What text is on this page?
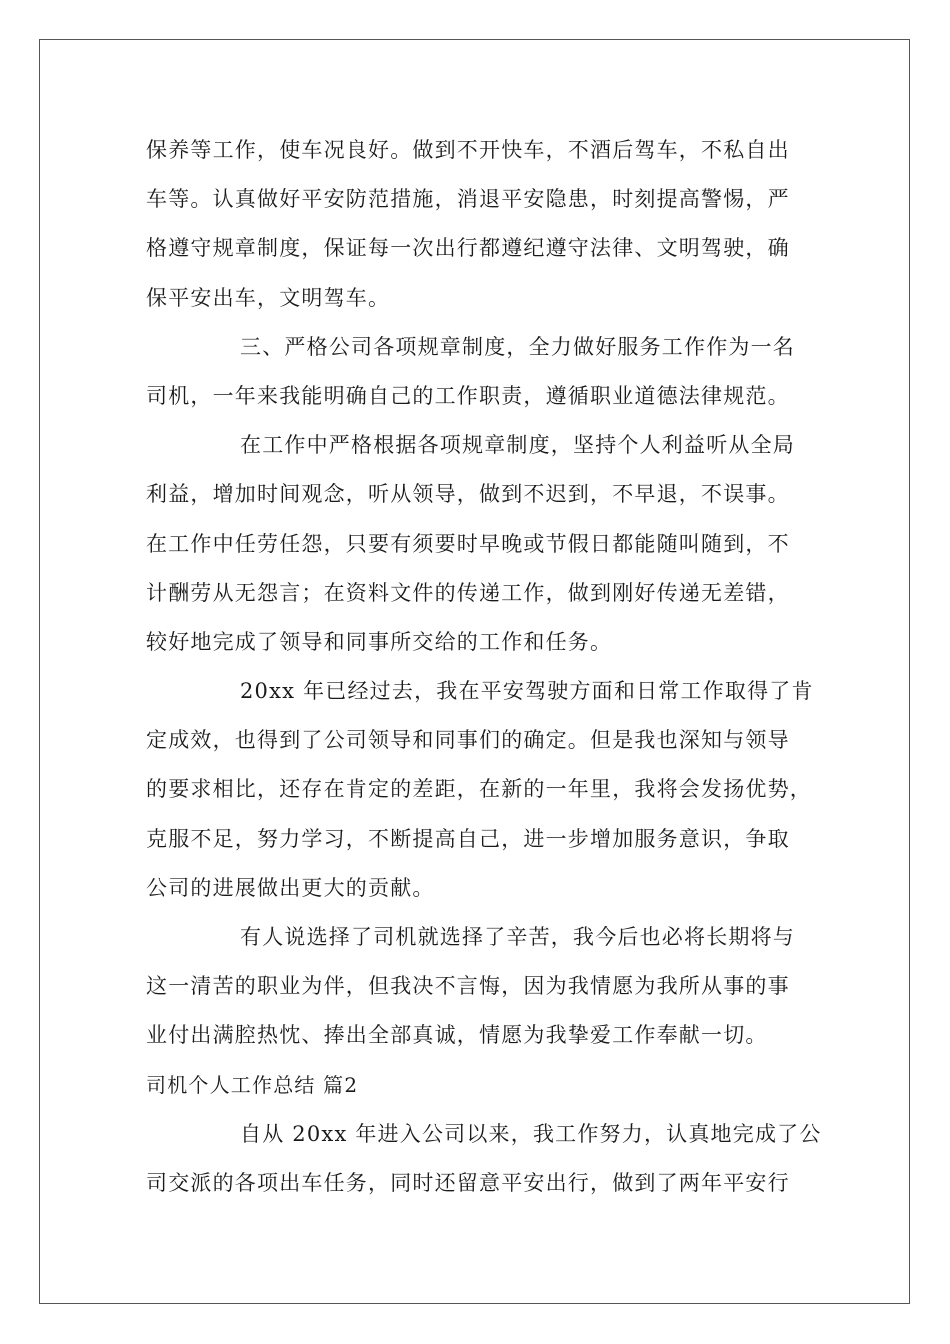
保养等工作，使车况良好。做到不开快车，不酒后驾车，不私自出
车等。认真做好平安防范措施，消退平安隐患，时刻提高警惕，严
格遵守规章制度，保证每一次出行都遵纪遵守法律、文明驾驶，确
保平安出车，文明驾车。
三、严格公司各项规章制度，全力做好服务工作作为一名
司机，一年来我能明确自己的工作职责，遵循职业道德法律规范。
在工作中严格根据各项规章制度，坚持个人利益听从全局
利益，增加时间观念，听从领导，做到不迟到，不早退，不误事。
在工作中任劳任怨，只要有须要时早晚或节假日都能随叫随到，不
计酬劳从无怨言；在资料文件的传递工作，做到刚好传递无差错，
较好地完成了领导和同事所交给的工作和任务。
20xx 年已经过去，我在平安驾驶方面和日常工作取得了肯
定成效，也得到了公司领导和同事们的确定。但是我也深知与领导
的要求相比，还存在肯定的差距，在新的一年里，我将会发扬优势，
克服不足，努力学习，不断提高自己，进一步增加服务意识，争取
公司的进展做出更大的贡献。
有人说选择了司机就选择了辛苦，我今后也必将长期将与
这一清苦的职业为伴，但我决不言悔，因为我情愿为我所从事的事
业付出满腔热忱、捧出全部真诚，情愿为我挚爱工作奉献一切。
司机个人工作总结 篇2
自从 20xx 年进入公司以来，我工作努力，认真地完成了公
司交派的各项出车任务，同时还留意平安出行，做到了两年平安行
